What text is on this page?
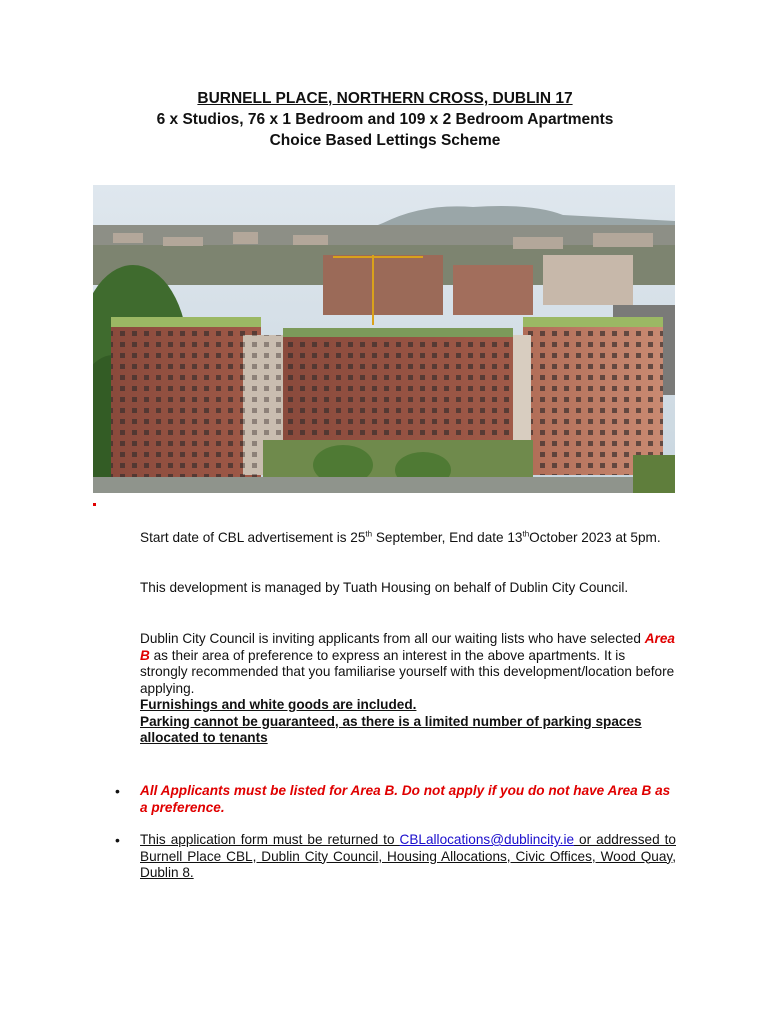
BURNELL PLACE, NORTHERN CROSS, DUBLIN 17
6 x Studios, 76 x 1 Bedroom and 109 x 2 Bedroom Apartments
Choice Based Lettings Scheme
Start date of CBL advertisement is 25th September, End date 13thOctober 2023 at 5pm.
This development is managed by Tuath Housing on behalf of Dublin City Council.
Dublin City Council is inviting applicants from all our waiting lists who have selected Area B as their area of preference to express an interest in the above apartments. It is strongly recommended that you familiarise yourself with this development/location before applying.
Furnishings and white goods are included.
Parking cannot be guaranteed, as there is a limited number of parking spaces allocated to tenants
• All Applicants must be listed for Area B. Do not apply if you do not have Area B as a preference.
• This application form must be returned to CBLallocations@dublincity.ie or addressed to Burnell Place CBL, Dublin City Council, Housing Allocations, Civic Offices, Wood Quay, Dublin 8.
